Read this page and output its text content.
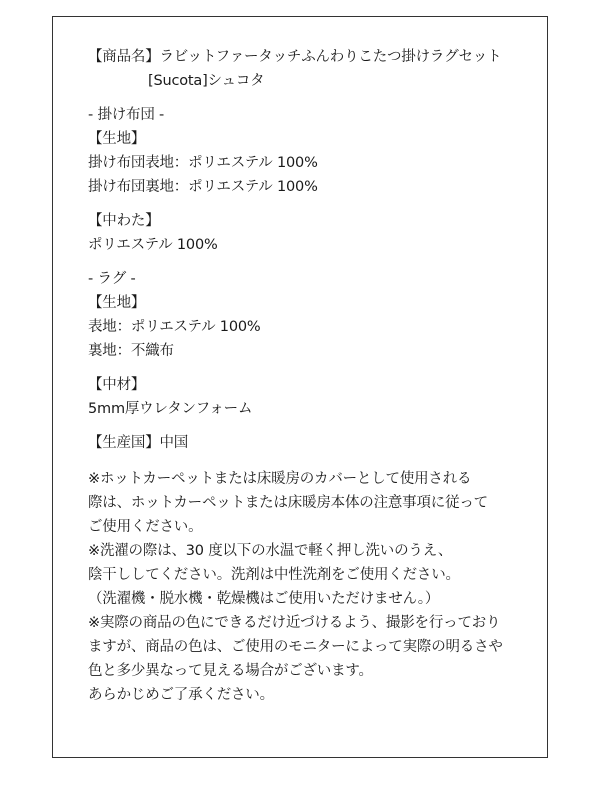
【商品名】ラビットファータッチふんわりこたつ掛けラグセット
[Sucota]シュコタ
- 掛け布団 -
【生地】
掛け布団表地：ポリエステル 100%
掛け布団裏地：ポリエステル 100%
【中わた】
ポリエステル 100%
- ラグ -
【生地】
表地：ポリエステル 100%
裏地：不織布
【中材】
5mm厚ウレタンフォーム
【生産国】中国
※ホットカーペットまたは床暖房のカバーとして使用される
際は、ホットカーペットまたは床暖房本体の注意事項に従って
ご使用ください。
※洗濯の際は、30 度以下の水温で軽く押し洗いのうえ、
陰干ししてください。洗剤は中性洗剤をご使用ください。
（洗濯機・脱水機・乾燥機はご使用いただけません。）
※実際の商品の色にできるだけ近づけるよう、撮影を行っており
ますが、商品の色は、ご使用のモニターによって実際の明るさや
色と多少異なって見える場合がございます。
あらかじめご了承ください。
